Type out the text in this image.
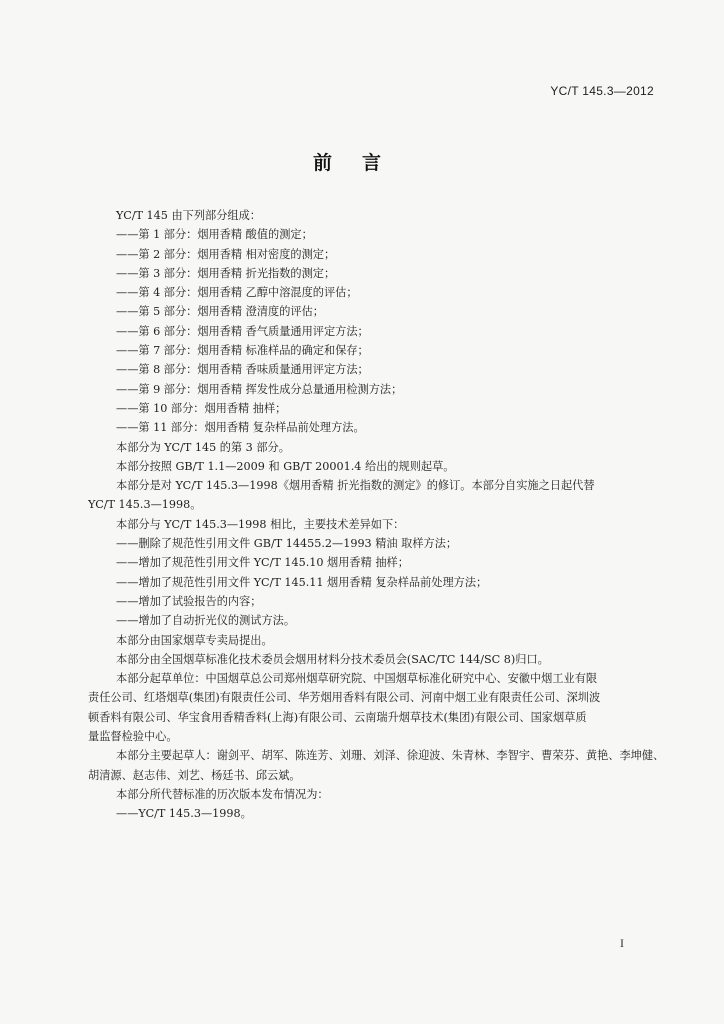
YC/T 145.3—2012
前言
YC/T 145 由下列部分组成：
——第 1 部分：烟用香精 酸值的测定；
——第 2 部分：烟用香精 相对密度的测定；
——第 3 部分：烟用香精 折光指数的测定；
——第 4 部分：烟用香精 乙醇中溶混度的评估；
——第 5 部分：烟用香精 澄清度的评估；
——第 6 部分：烟用香精 香气质量通用评定方法；
——第 7 部分：烟用香精 标准样品的确定和保存；
——第 8 部分：烟用香精 香味质量通用评定方法；
——第 9 部分：烟用香精 挥发性成分总量通用检测方法；
——第 10 部分：烟用香精 抽样；
——第 11 部分：烟用香精 复杂样品前处理方法。
本部分为 YC/T 145 的第 3 部分。
本部分按照 GB/T 1.1—2009 和 GB/T 20001.4 给出的规则起草。
本部分是对 YC/T 145.3—1998《烟用香精 折光指数的测定》的修订。本部分自实施之日起代替
YC/T 145.3—1998。
本部分与 YC/T 145.3—1998 相比，主要技术差异如下：
——删除了规范性引用文件 GB/T 14455.2—1993 精油 取样方法；
——增加了规范性引用文件 YC/T 145.10 烟用香精 抽样；
——增加了规范性引用文件 YC/T 145.11 烟用香精 复杂样品前处理方法；
——增加了试验报告的内容；
——增加了自动折光仪的测试方法。
本部分由国家烟草专卖局提出。
本部分由全国烟草标准化技术委员会烟用材料分技术委员会(SAC/TC 144/SC 8)归口。
本部分起草单位：中国烟草总公司郑州烟草研究院、中国烟草标准化研究中心、安徽中烟工业有限
责任公司、红塔烟草(集团)有限责任公司、华芳烟用香料有限公司、河南中烟工业有限责任公司、深圳波
顿香料有限公司、华宝食用香精香料(上海)有限公司、云南瑞升烟草技术(集团)有限公司、国家烟草质
量监督检验中心。
本部分主要起草人：谢剑平、胡军、陈连芳、刘珊、刘泽、徐迎波、朱青林、李智宇、曹荣芬、黄艳、李坤健、
胡清源、赵志伟、刘艺、杨廷书、邱云斌。
本部分所代替标准的历次版本发布情况为：
——YC/T 145.3—1998。
I
